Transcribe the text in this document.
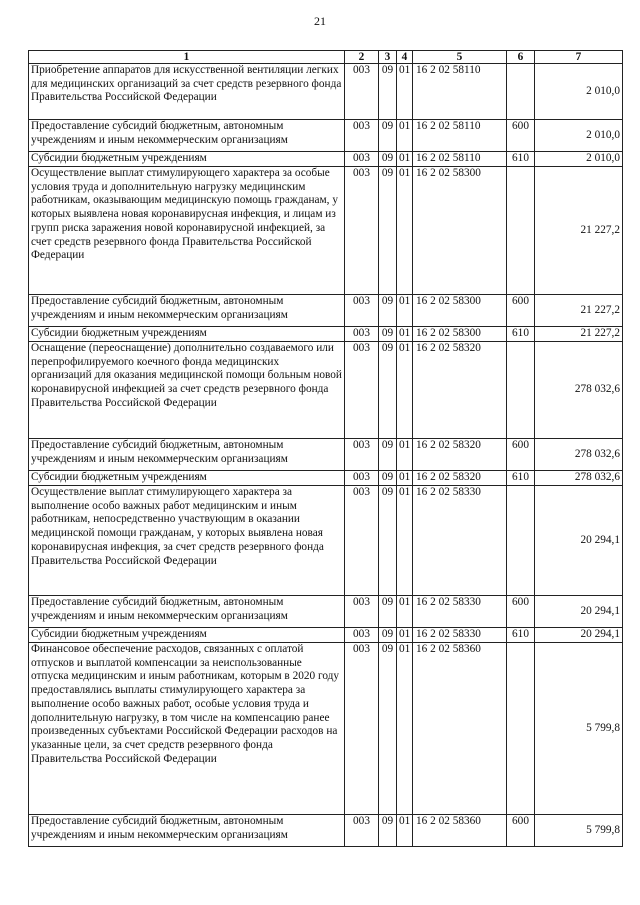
21
1	2	3	4	5	6	7
Приобретение аппаратов для искусственной вентиляции легких для медицинских организаций за счет средств резервного фонда Правительства Российской Федерации	003	09	01	16 2 02 58110		2 010,0
Предоставление субсидий бюджетным, автономным учреждениям и иным некоммерческим организациям	003	09	01	16 2 02 58110	600	2 010,0
Субсидии бюджетным учреждениям	003	09	01	16 2 02 58110	610	2 010,0
Осуществление выплат стимулирующего характера за особые условия труда и дополнительную нагрузку медицинским работникам, оказывающим медицинскую помощь гражданам, у которых выявлена новая коронавирусная инфекция, и лицам из групп риска заражения новой коронавирусной инфекцией, за счет средств резервного фонда Правительства Российской Федерации	003	09	01	16 2 02 58300		21 227,2
Предоставление субсидий бюджетным, автономным учреждениям и иным некоммерческим организациям	003	09	01	16 2 02 58300	600	21 227,2
Субсидии бюджетным учреждениям	003	09	01	16 2 02 58300	610	21 227,2
Оснащение (переоснащение) дополнительно создаваемого или перепрофилируемого коечного фонда медицинских организаций для оказания медицинской помощи больным новой коронавирусной инфекцией за счет средств резервного фонда Правительства Российской Федерации	003	09	01	16 2 02 58320		278 032,6
Предоставление субсидий бюджетным, автономным учреждениям и иным некоммерческим организациям	003	09	01	16 2 02 58320	600	278 032,6
Субсидии бюджетным учреждениям	003	09	01	16 2 02 58320	610	278 032,6
Осуществление выплат стимулирующего характера за выполнение особо важных работ медицинским и иным работникам, непосредственно участвующим в оказании медицинской помощи гражданам, у которых выявлена новая коронавирусная инфекция, за счет средств резервного фонда Правительства Российской Федерации	003	09	01	16 2 02 58330		20 294,1
Предоставление субсидий бюджетным, автономным учреждениям и иным некоммерческим организациям	003	09	01	16 2 02 58330	600	20 294,1
Субсидии бюджетным учреждениям	003	09	01	16 2 02 58330	610	20 294,1
Финансовое обеспечение расходов, связанных с оплатой отпусков и выплатой компенсации за неиспользованные отпуска медицинским и иным работникам, которым в 2020 году предоставлялись выплаты стимулирующего характера за выполнение особо важных работ, особые условия труда и дополнительную нагрузку, в том числе на компенсацию ранее произведенных субъектами Российской Федерации расходов на указанные цели, за счет средств резервного фонда Правительства Российской Федерации	003	09	01	16 2 02 58360		5 799,8
Предоставление субсидий бюджетным, автономным учреждениям и иным некоммерческим организациям	003	09	01	16 2 02 58360	600	5 799,8
